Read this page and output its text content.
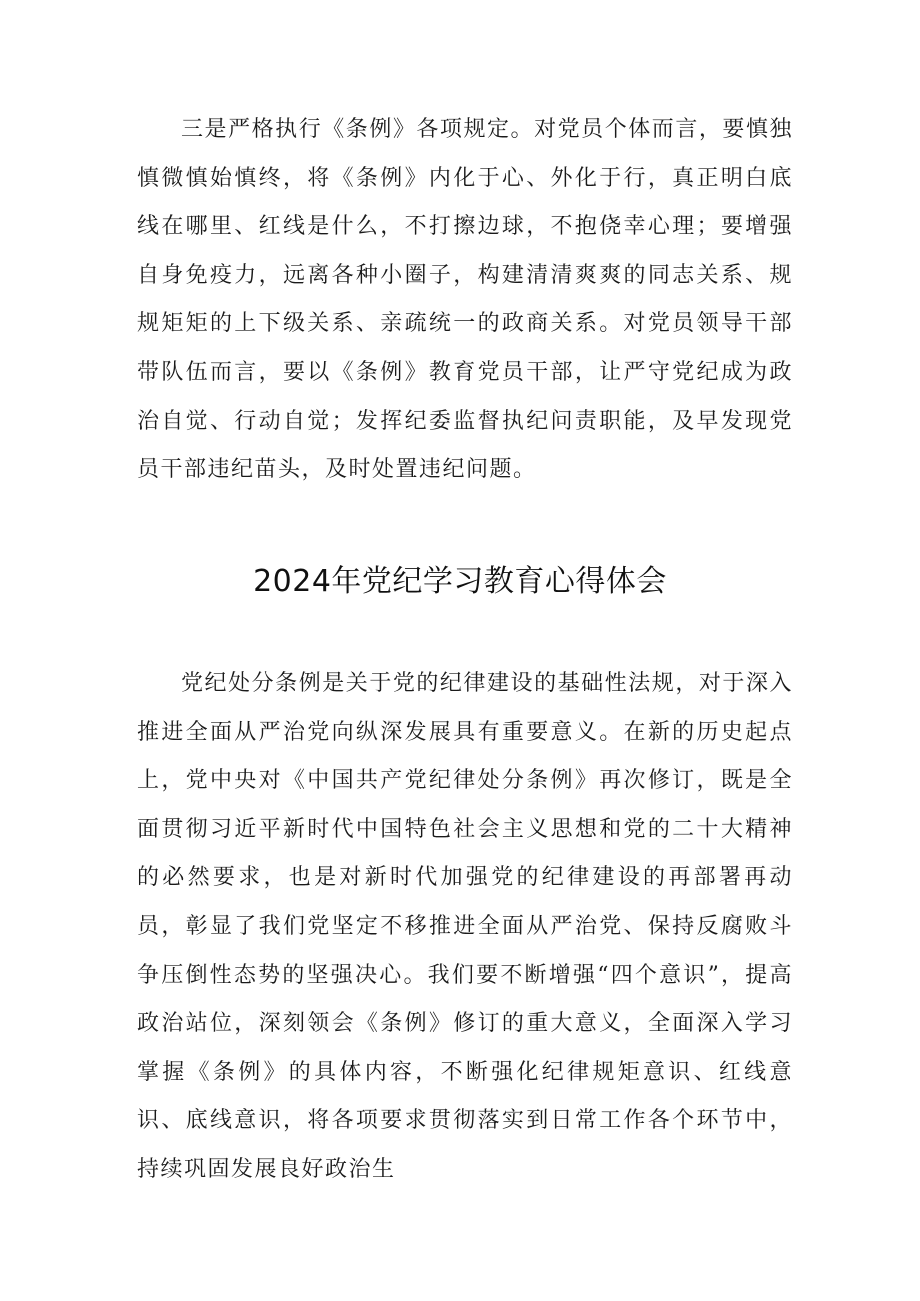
三是严格执行《条例》各项规定。对党员个体而言，要慎独慎微慎始慎终，将《条例》内化于心、外化于行，真正明白底线在哪里、红线是什么，不打擦边球，不抱侥幸心理；要增强自身免疫力，远离各种小圈子，构建清清爽爽的同志关系、规规矩矩的上下级关系、亲疏统一的政商关系。对党员领导干部带队伍而言，要以《条例》教育党员干部，让严守党纪成为政治自觉、行动自觉；发挥纪委监督执纪问责职能，及早发现党员干部违纪苗头，及时处置违纪问题。

2024年党纪学习教育心得体会

党纪处分条例是关于党的纪律建设的基础性法规，对于深入推进全面从严治党向纵深发展具有重要意义。在新的历史起点上，党中央对《中国共产党纪律处分条例》再次修订，既是全面贯彻习近平新时代中国特色社会主义思想和党的二十大精神的必然要求，也是对新时代加强党的纪律建设的再部署再动员，彰显了我们党坚定不移推进全面从严治党、保持反腐败斗争压倒性态势的坚强决心。我们要不断增强“四个意识”，提高政治站位，深刻领会《条例》修订的重大意义，全面深入学习掌握《条例》的具体内容，不断强化纪律规矩意识、红线意识、底线意识，将各项要求贯彻落实到日常工作各个环节中，持续巩固发展良好政治生
